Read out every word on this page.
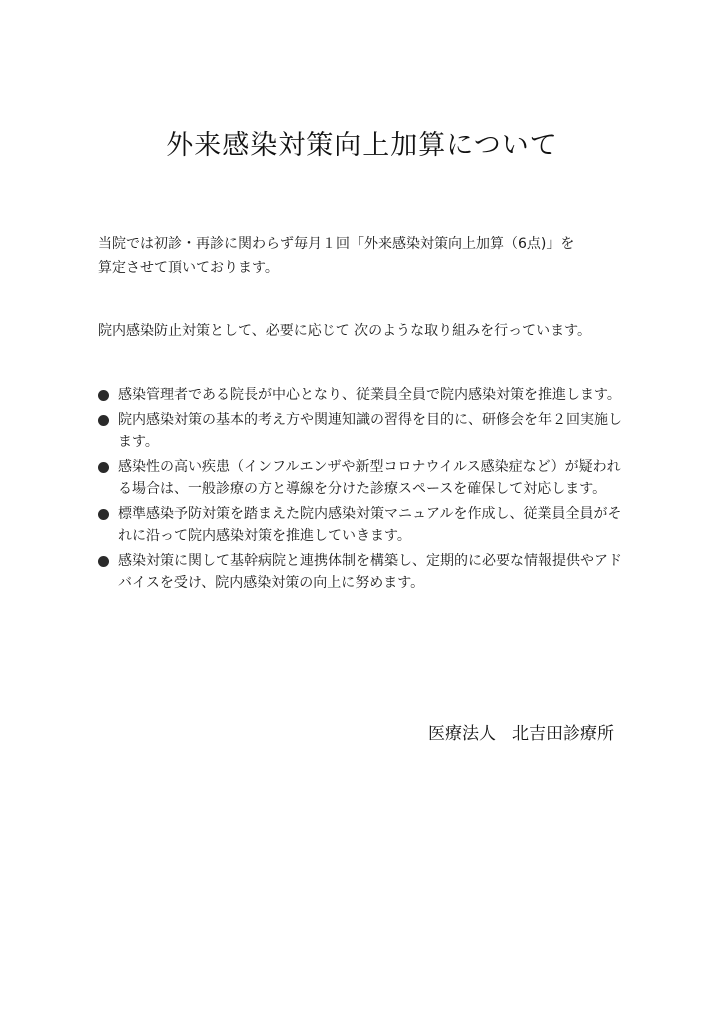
外来感染対策向上加算について

当院では初診・再診に関わらず毎月１回「外来感染対策向上加算（6点)」を

算定させて頂いております。

院内感染防止対策として、必要に応じて 次のような取り組みを行っています。

感染管理者である院長が中心となり、従業員全員で院内感染対策を推進します。
院内感染対策の基本的考え方や関連知識の習得を目的に、研修会を年２回実施します。
感染性の高い疾患（インフルエンザや新型コロナウイルス感染症など）が疑われる場合は、一般診療の方と導線を分けた診療スペースを確保して対応します。
標準感染予防対策を踏まえた院内感染対策マニュアルを作成し、従業員全員がそれに沿って院内感染対策を推進していきます。
感染対策に関して基幹病院と連携体制を構築し、定期的に必要な情報提供やアドバイスを受け、院内感染対策の向上に努めます。
医療法人 北吉田診療所
